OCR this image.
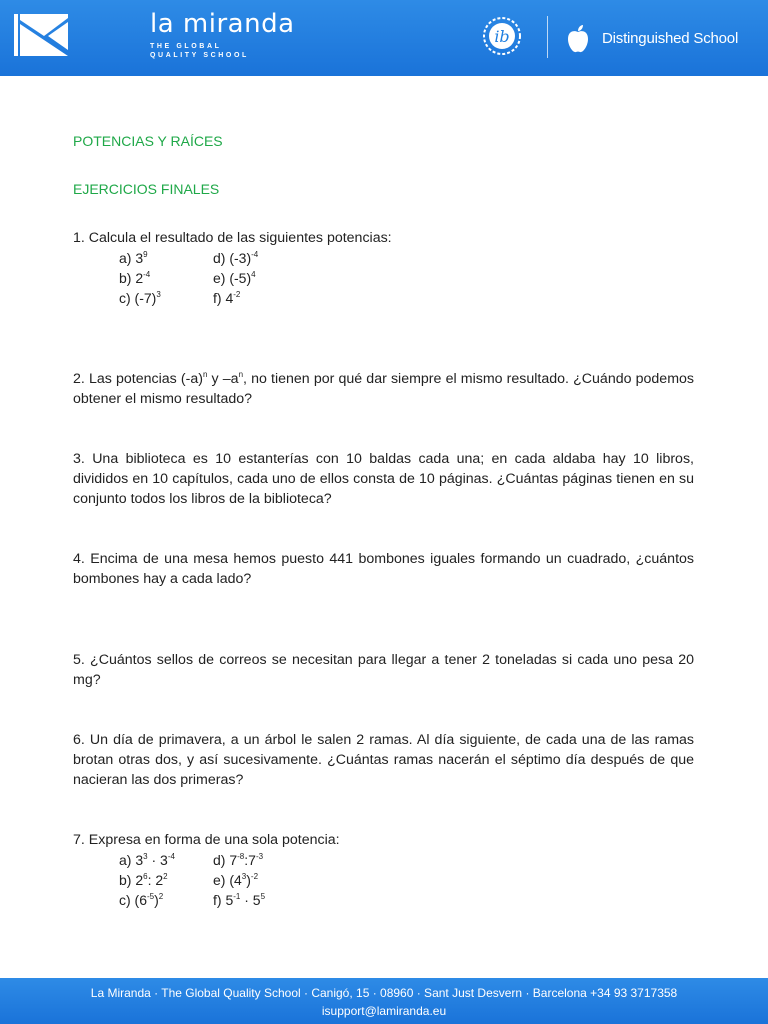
la miranda
THE GLOBAL
QUALITY SCHOOL
ib	Distinguished School
POTENCIAS Y RAÍCES
EJERCICIOS FINALES
1. Calcula el resultado de las siguientes potencias:
a) $3^9$	d) $(-3)^{-4}$
b) $2^{-4}$	e) $(-5)^4$
c) $(-7)^3$	f) $4^{-2}$
2. Las potencias $(-a)^n$ y $-a^n$, no tienen por qué dar siempre el mismo resultado. ¿Cuándo podemos obtener el mismo resultado?
3. Una biblioteca es 10 estanterías con 10 baldas cada una; en cada aldaba hay 10 libros, divididos en 10 capítulos, cada uno de ellos consta de 10 páginas. ¿Cuántas páginas tienen en su conjunto todos los libros de la biblioteca?
4. Encima de una mesa hemos puesto 441 bombones iguales formando un cuadrado, ¿cuántos bombones hay a cada lado?
5. ¿Cuántos sellos de correos se necesitan para llegar a tener 2 toneladas si cada uno pesa 20 mg?
6. Un día de primavera, a un árbol le salen 2 ramas. Al día siguiente, de cada una de las ramas brotan otras dos, y así sucesivamente. ¿Cuántas ramas nacerán el séptimo día después de que nacieran las dos primeras?
7. Expresa en forma de una sola potencia:
a) $3^3 \cdot 3^{-4}$	d) $7^{-8}:7^{-3}$
b) $2^6$: $2^2$	e) $(4^3)^{-2}$
c) $(6^{-5})^2$	f) $5^{-1} \cdot 5^5$
La Miranda · The Global Quality School · Canigó, 15 · 08960 · Sant Just Desvern · Barcelona +34 93 3717358
isupport@lamiranda.eu
